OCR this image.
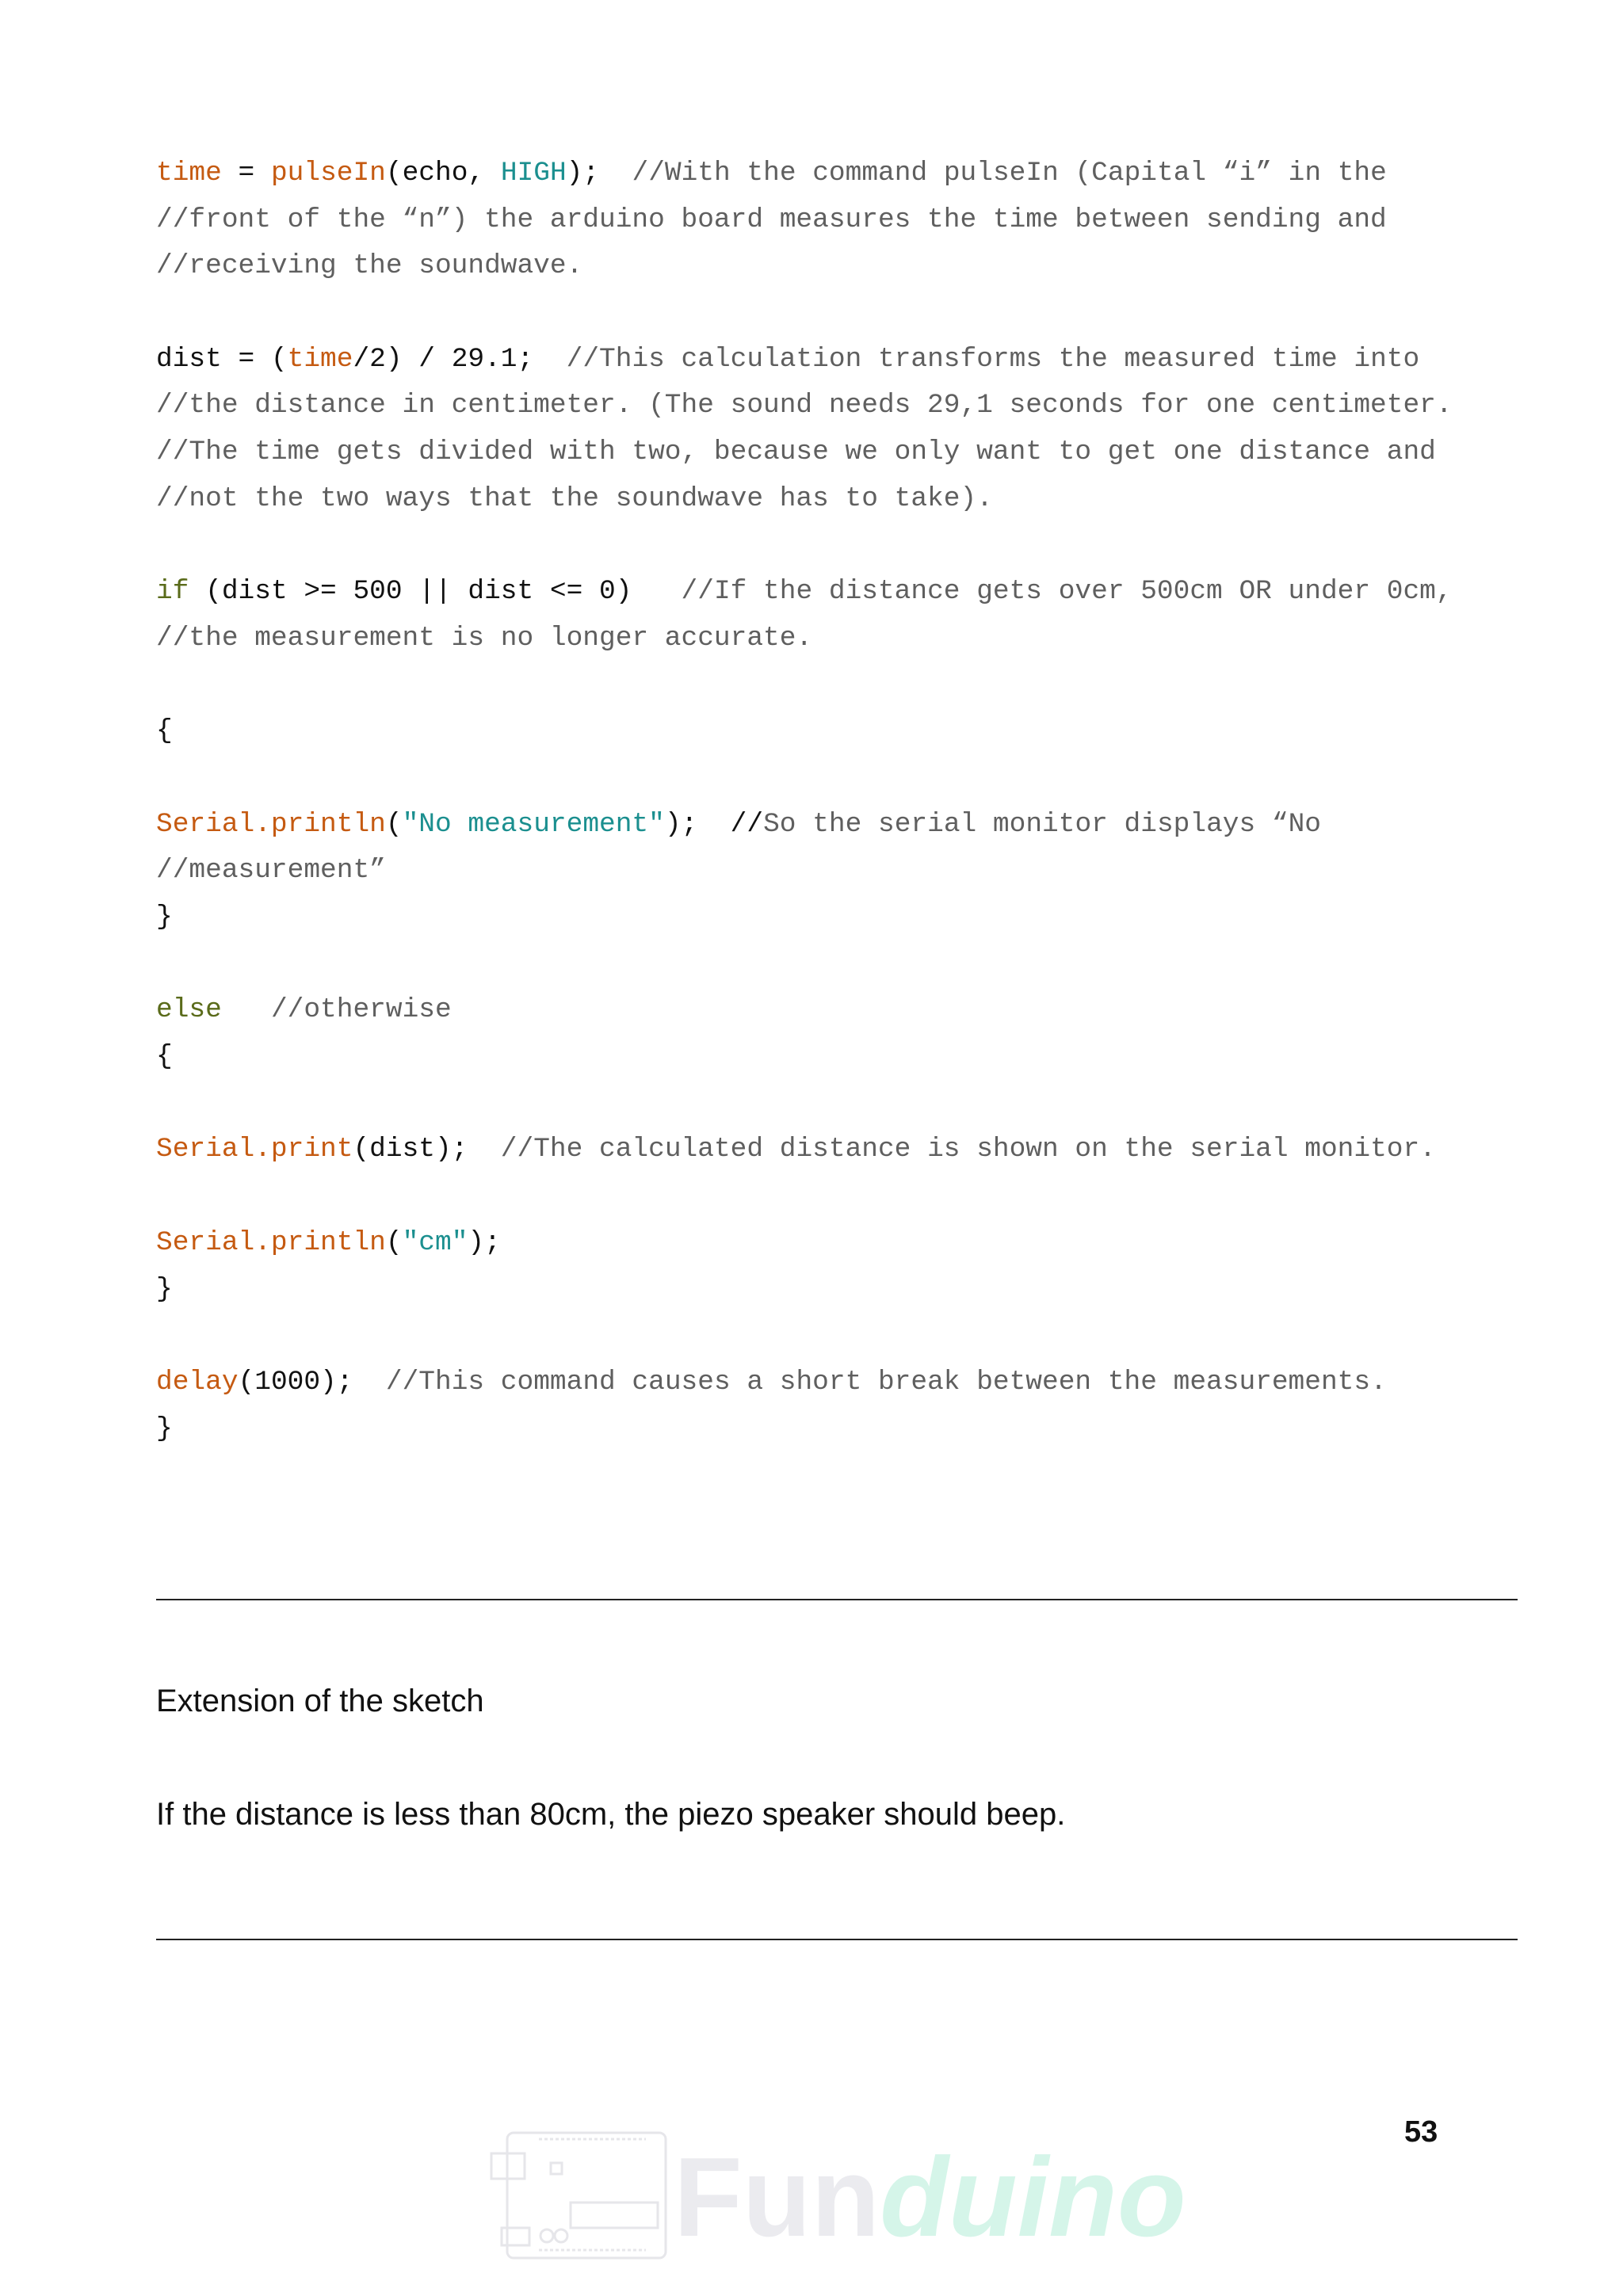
time = pulseIn(echo, HIGH);  //With the command pulseIn (Capital “i” in the
//front of the “n”) the arduino board measures the time between sending and
//receiving the soundwave.
dist = (time/2) / 29.1;  //This calculation transforms the measured time into
//the distance in centimeter. (The sound needs 29,1 seconds for one centimeter.
//The time gets divided with two, because we only want to get one distance and
//not the two ways that the soundwave has to take).
if (dist >= 500 || dist <= 0)   //If the distance gets over 500cm OR under 0cm,
//the measurement is no longer accurate.
{
Serial.println("No measurement");  //So the serial monitor displays “No
//measurement”
}
else   //otherwise
{
Serial.print(dist);  //The calculated distance is shown on the serial monitor.
Serial.println("cm");
}
delay(1000);  //This command causes a short break between the measurements.
}
Extension of the sketch
If the distance is less than 80cm, the piezo speaker should beep.
53
Funduino
